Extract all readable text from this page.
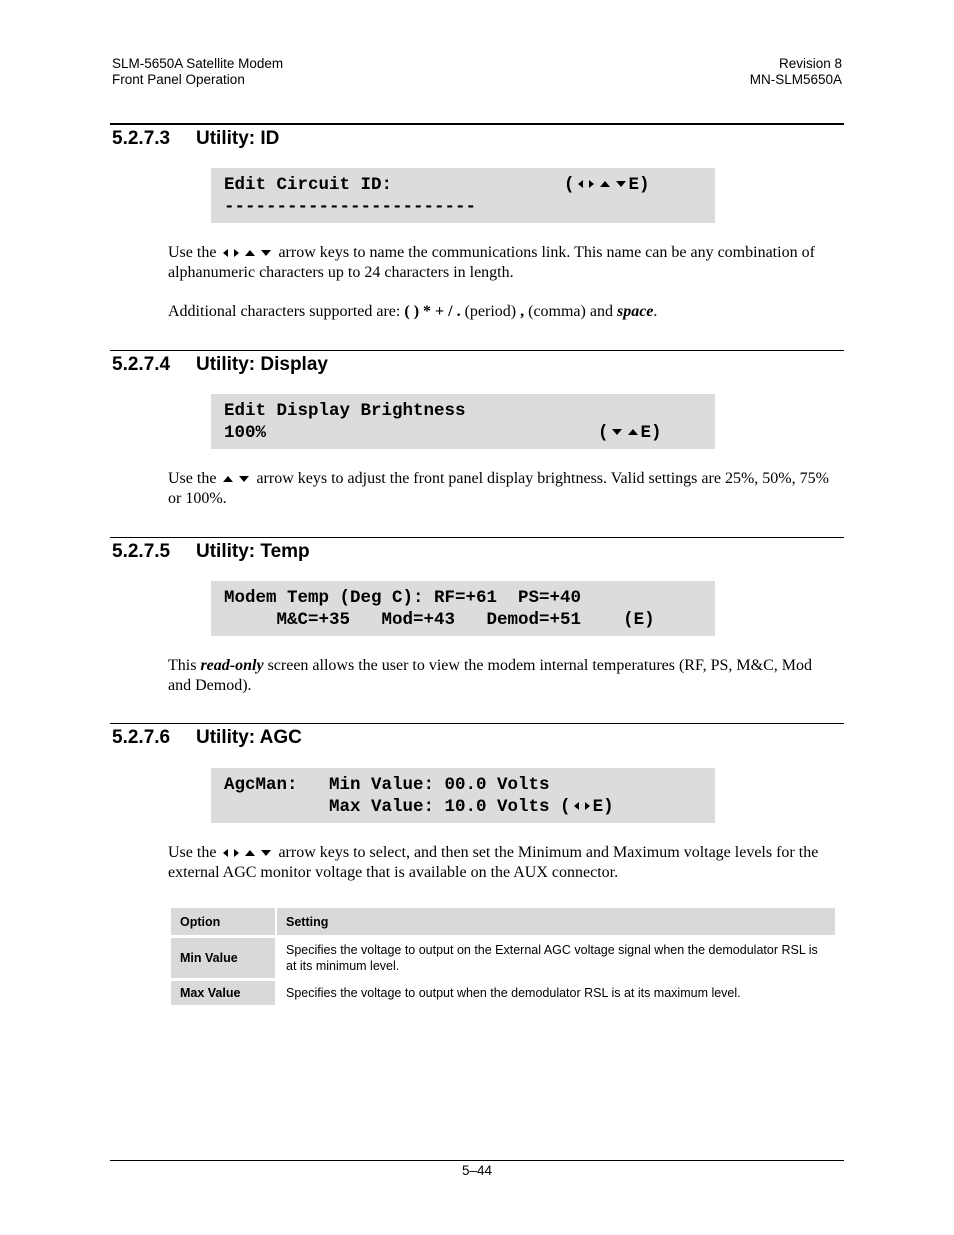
SLM-5650A Satellite Modem
Front Panel Operation
Revision 8
MN-SLM5650A
5.2.7.3 Utility: ID
Edit Circuit ID:	(	E)
------------------------
Use the	arrow keys to name the communications link. This name can be any combination of alphanumeric characters up to 24 characters in length.
Additional characters supported are: ( ) * + / . (period) , (comma) and space.
5.2.7.4 Utility: Display
Edit Display Brightness
100%	( E)
Use the	arrow keys to adjust the front panel display brightness. Valid settings are 25%, 50%, 75% or 100%.
5.2.7.5 Utility: Temp
Modem Temp (Deg C): RF=+61  PS=+40
M&C=+35   Mod=+43   Demod=+51    (E)
This read-only screen allows the user to view the modem internal temperatures (RF, PS, M&C, Mod and Demod).
5.2.7.6 Utility: AGC
AgcMan:   Min Value: 00.0 Volts
Max Value: 10.0 Volts ( E)
Use the	arrow keys to select, and then set the Minimum and Maximum voltage levels for the external AGC monitor voltage that is available on the AUX connector.
Option	Setting
Min Value	Specifies the voltage to output on the External AGC voltage signal when the demodulator RSL is at its minimum level.
Max Value	Specifies the voltage to output when the demodulator RSL is at its maximum level.
5–44
